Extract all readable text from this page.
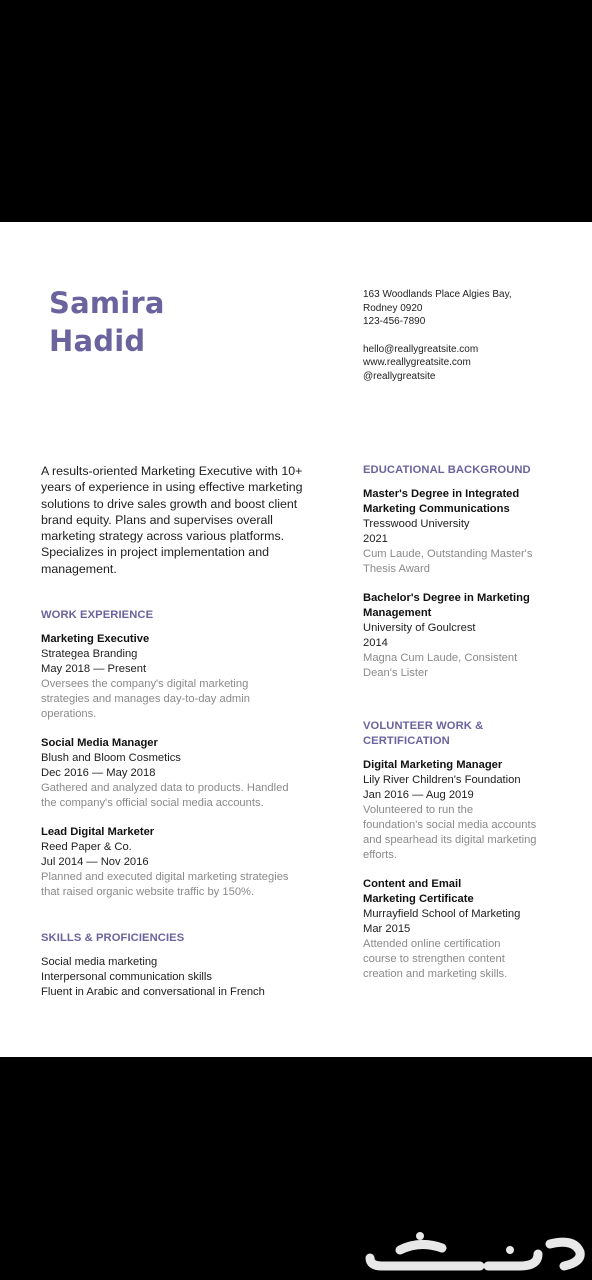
Samira
Hadid
163 Woodlands Place Algies Bay,
Rodney 0920
123-456-7890
hello@reallygreatsite.com
www.reallygreatsite.com
@reallygreatsite
A results-oriented Marketing Executive with 10+ years of experience in using effective marketing solutions to drive sales growth and boost client brand equity. Plans and supervises overall marketing strategy across various platforms. Specializes in project implementation and management.
WORK EXPERIENCE
Marketing Executive
Strategea Branding
May 2018 — Present
Oversees the company's digital marketing
strategies and manages day-to-day admin
operations.
Social Media Manager
Blush and Bloom Cosmetics
Dec 2016 — May 2018
Gathered and analyzed data to products. Handled
the company's official social media accounts.
Lead Digital Marketer
Reed Paper & Co.
Jul 2014 — Nov 2016
Planned and executed digital marketing strategies
that raised organic website traffic by 150%.
SKILLS & PROFICIENCIES
Social media marketing
Interpersonal communication skills
Fluent in Arabic and conversational in French
EDUCATIONAL BACKGROUND
Master's Degree in Integrated
Marketing Communications
Tresswood University
2021
Cum Laude, Outstanding Master's
Thesis Award
Bachelor's Degree in Marketing
Management
University of Goulcrest
2014
Magna Cum Laude, Consistent
Dean's Lister
VOLUNTEER WORK &
CERTIFICATION
Digital Marketing Manager
Lily River Children's Foundation
Jan 2016 — Aug 2019
Volunteered to run the
foundation's social media accounts
and spearhead its digital marketing
efforts.
Content and Email
Marketing Certificate
Murrayfield School of Marketing
Mar 2015
Attended online certification
course to strengthen content
creation and marketing skills.
